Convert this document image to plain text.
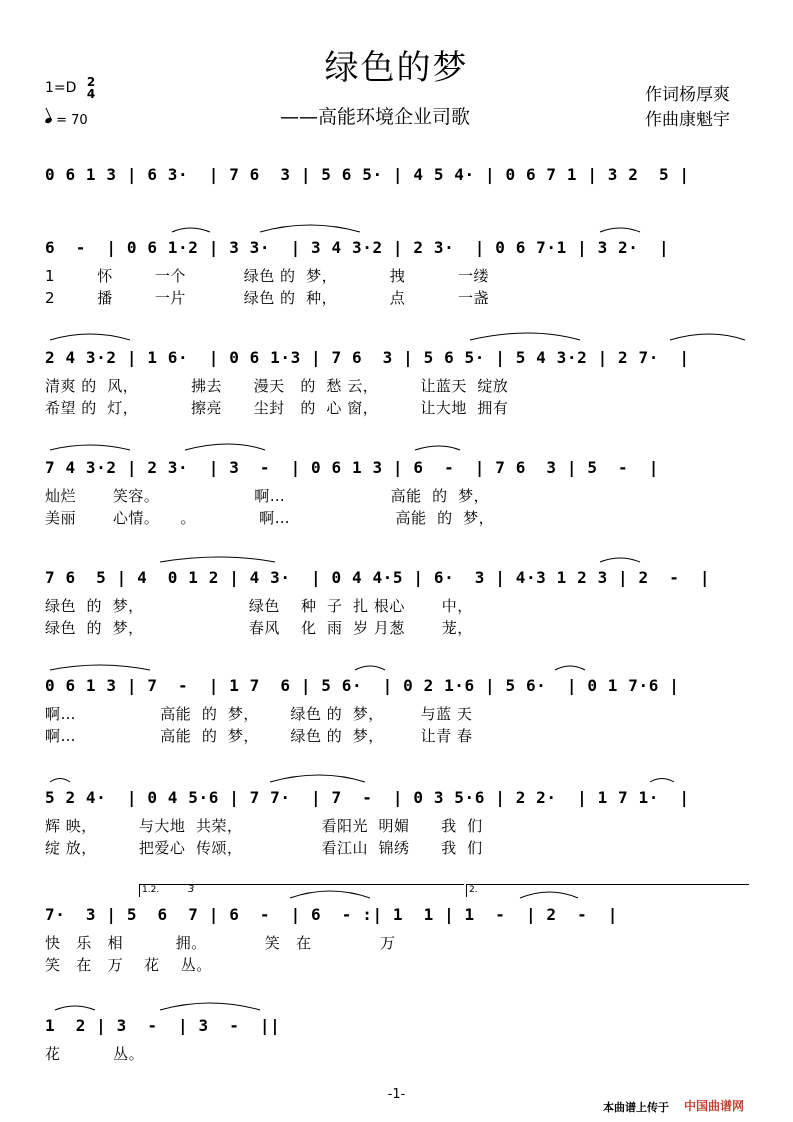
绿色的梦
——高能环境企业司歌
作词杨厚爽
作曲康魁宇
1=D 2
4
= 70
0 6 1 3 | 6 3·  | 7 6  3 | 5 6 5· | 4 5 4· | 0 6 7 1 | 3 2  5 |
6  -  | 0 6 1·2 | 3 3·  | 3 4 3·2 | 2 3·  | 0 6 7·1 | 3 2·  |
1        怀        一个           绿色 的  梦，          拽          一缕
2        播        一片           绿色 的  种，          点          一盏
2 4 3·2 | 1 6·  | 0 6 1·3 | 7 6  3 | 5 6 5· | 5 4 3·2 | 2 7·  |
清爽 的  风，          拂去      漫天   的  愁 云，        让蓝天  绽放
希望 的  灯，          擦亮      尘封   的  心 窗，        让大地  拥有
7 4 3·2 | 2 3·  | 3  -  | 0 6 1 3 | 6  -  | 7 6  3 | 5  -  |
灿烂       笑容。                  啊…                    高能  的  梦，
美丽       心情。    。            啊…                    高能  的  梦，
7 6  5 | 4  0 1 2 | 4 3·  | 0 4 4·5 | 6·  3 | 4·3 1 2 3 | 2  -  |
绿色  的  梦，                    绿色    种  子  扎 根心       中，
绿色  的  梦，                    春风    化  雨  岁 月葱       茏，
0 6 1 3 | 7  -  | 1 7  6 | 5 6·  | 0 2 1·6 | 5 6·  | 0 1 7·6 |
啊…                高能  的  梦，      绿色 的  梦，       与蓝 天
啊…                高能  的  梦，      绿色 的  梦，       让青 春
5 2 4·  | 0 4 5·6 | 7 7·  | 7  -  | 0 3 5·6 | 2 2·  | 1 7 1·  |
辉 映，        与大地  共荣，               看阳光  明媚      我  们
绽 放，        把爱心  传颂，               看江山  锦绣      我  们
1.2.	2.
3
7·  3 | 5  6  7 | 6  -  | 6  - :| 1  1 | 1  -  | 2  -  |
快   乐   相          拥。           笑   在             万
笑   在   万    花    丛。
1  2 | 3  -  | 3  -  ||
花          丛。
-1-
本曲谱上传于 中国曲谱网
